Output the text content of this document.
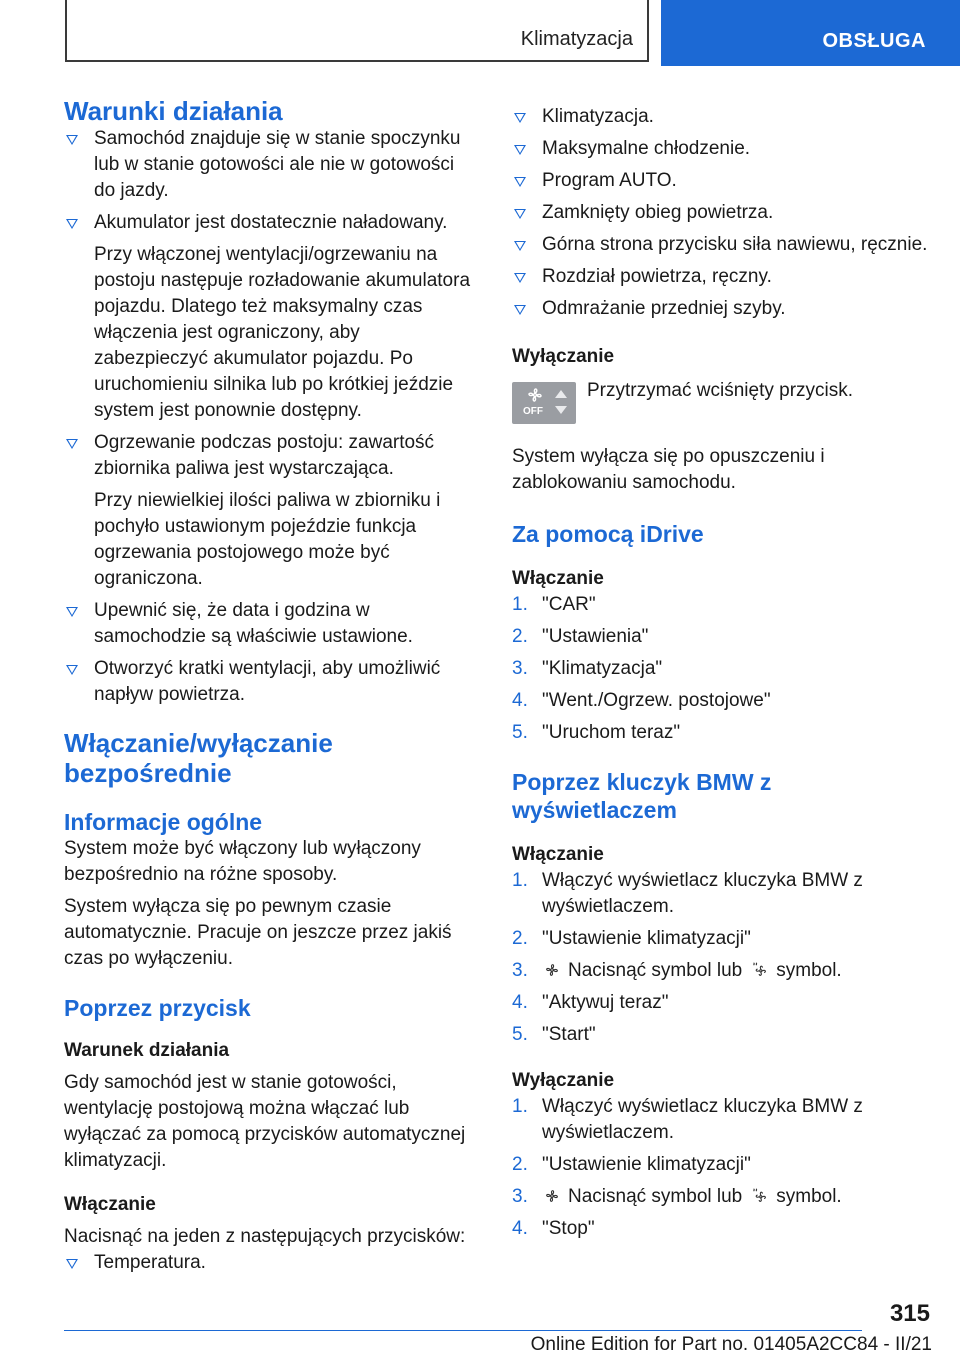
Klimatyzacja	OBSŁUGA
Warunki działania
Samochód znajduje się w stanie spoczynku lub w stanie gotowości ale nie w gotowości do jazdy.
Akumulator jest dostatecznie naładowany.

Przy włączonej wentylacji/ogrzewaniu na postoju następuje rozładowanie akumulatora pojazdu. Dlatego też maksymalny czas włączenia jest ograniczony, aby zabezpieczyć akumulator pojazdu. Po uruchomieniu silnika lub po krótkiej jeździe system jest ponownie dostępny.

Ogrzewanie podczas postoju: zawartość zbiornika paliwa jest wystarczająca.

Przy niewielkiej ilości paliwa w zbiorniku i pochyło ustawionym pojeździe funkcja ogrzewania postojowego może być ograniczona.

Upewnić się, że data i godzina w samochodzie są właściwie ustawione.
Otworzyć kratki wentylacji, aby umożliwić napływ powietrza.
Włączanie/wyłączanie bezpośrednie
Informacje ogólne

System może być włączony lub wyłączony bezpośrednio na różne sposoby.

System wyłącza się po pewnym czasie automatycznie. Pracuje on jeszcze przez jakiś czas po wyłączeniu.

Poprzez przycisk
Warunek działania

Gdy samochód jest w stanie gotowości, wentylację postojową można włączać lub wyłączać za pomocą przycisków automatycznej klimatyzacji.

Włączanie

Nacisnąć na jeden z następujących przycisków:

Temperatura.
Klimatyzacja.
Maksymalne chłodzenie.
Program AUTO.
Zamknięty obieg powietrza.
Górna strona przycisku siła nawiewu, ręcznie.
Rozdział powietrza, ręczny.
Odmrażanie przedniej szyby.
Wyłączanie
OFF
Przytrzymać wciśnięty przycisk.

System wyłącza się po opuszczeniu i zablokowaniu samochodu.

Za pomocą iDrive
Włączanie
1. "CAR"
2. "Ustawienia"
3. "Klimatyzacja"
4. "Went./Ogrzew. postojowe"
5. "Uruchom teraz"
Poprzez kluczyk BMW z wyświetlaczem
Włączanie
1. Włączyć wyświetlacz kluczyka BMW z wyświetlaczem.
2. "Ustawienie klimatyzacji"
3. Nacisnąć symbol lub symbol.
4. "Aktywuj teraz"
5. "Start"
Wyłączanie
1. Włączyć wyświetlacz kluczyka BMW z wyświetlaczem.
2. "Ustawienie klimatyzacji"
3. Nacisnąć symbol lub symbol.
4. "Stop"
315
Online Edition for Part no. 01405A2CC84 - II/21
